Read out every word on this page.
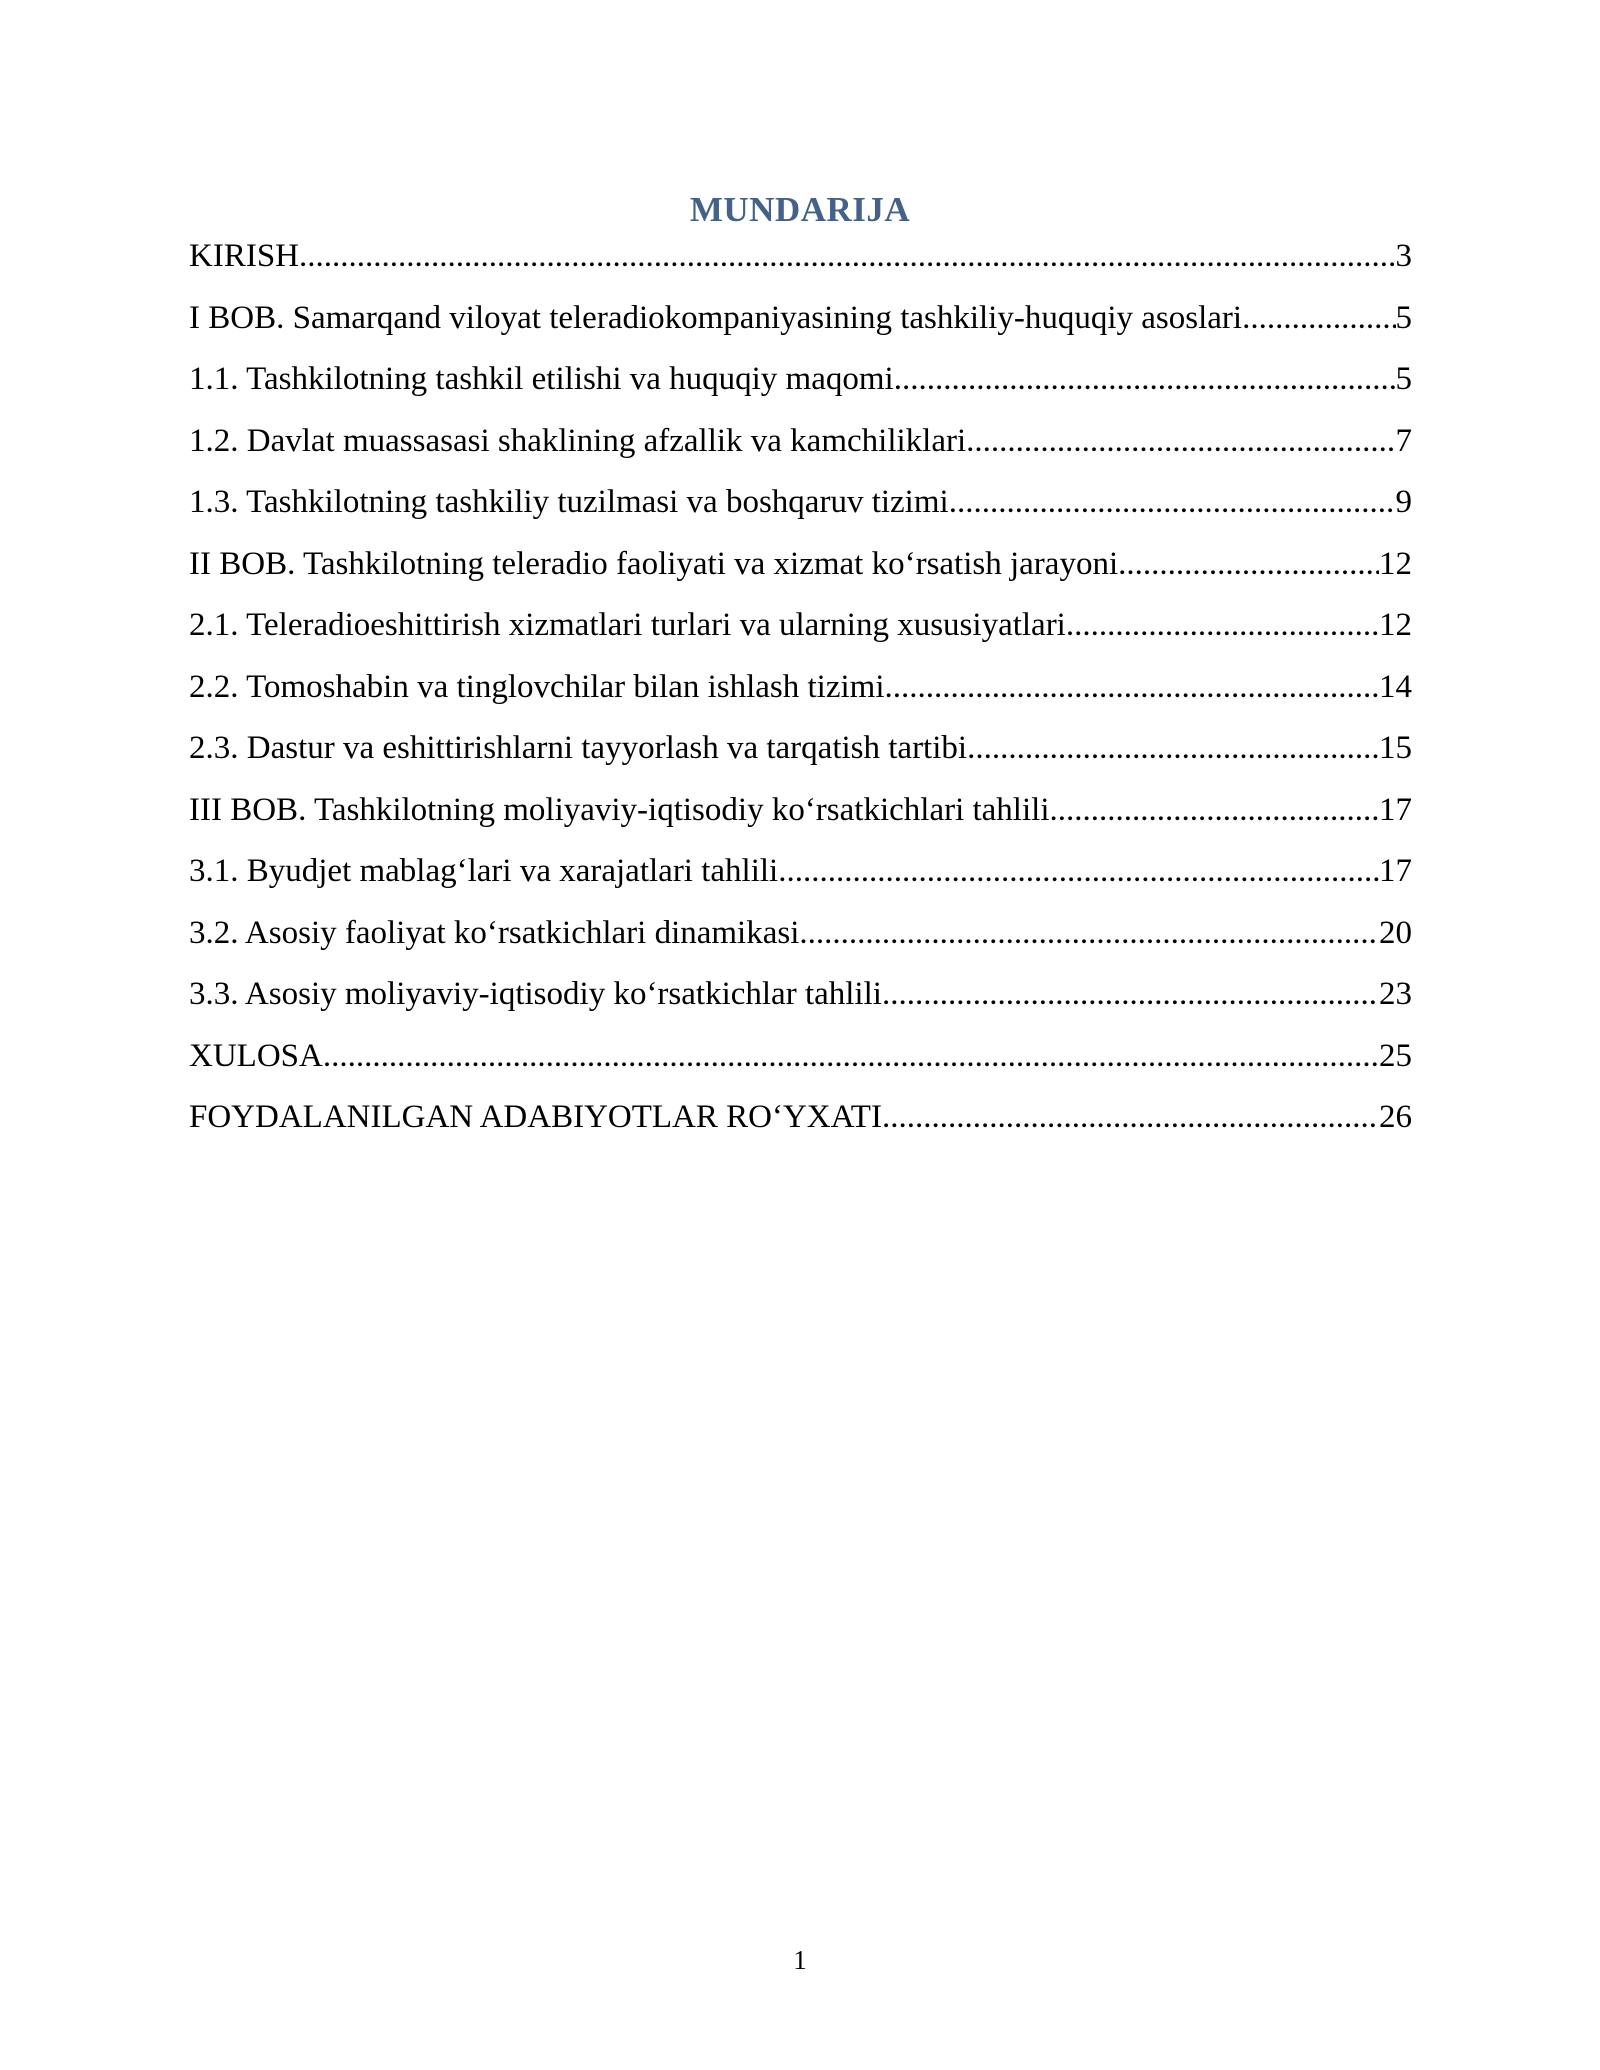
MUNDARIJA
KIRISH .....	3
I BOB. Samarqand viloyat teleradiokompaniyasining tashkiliy-huquqiy asoslari .....	5
1.1. Tashkilotning tashkil etilishi va huquqiy maqomi .....	5
1.2. Davlat muassasasi shaklining afzallik va kamchiliklari .....	7
1.3. Tashkilotning tashkiliy tuzilmasi va boshqaruv tizimi .....	9
II BOB. Tashkilotning teleradio faoliyati va xizmat ko‘rsatish jarayoni .....	12
2.1. Teleradioeshittirish xizmatlari turlari va ularning xususiyatlari .....	12
2.2. Tomoshabin va tinglovchilar bilan ishlash tizimi .....	14
2.3. Dastur va eshittirishlarni tayyorlash va tarqatish tartibi .....	15
III BOB. Tashkilotning moliyaviy-iqtisodiy ko‘rsatkichlari tahlili .....	17
3.1. Byudjet mablag‘lari va xarajatlari tahlili .....	17
3.2. Asosiy faoliyat ko‘rsatkichlari dinamikasi .....	20
3.3. Asosiy moliyaviy-iqtisodiy ko‘rsatkichlar tahlili .....	23
XULOSA .....	25
FOYDALANILGAN ADABIYOTLAR RO‘YXATI .....	26
1
